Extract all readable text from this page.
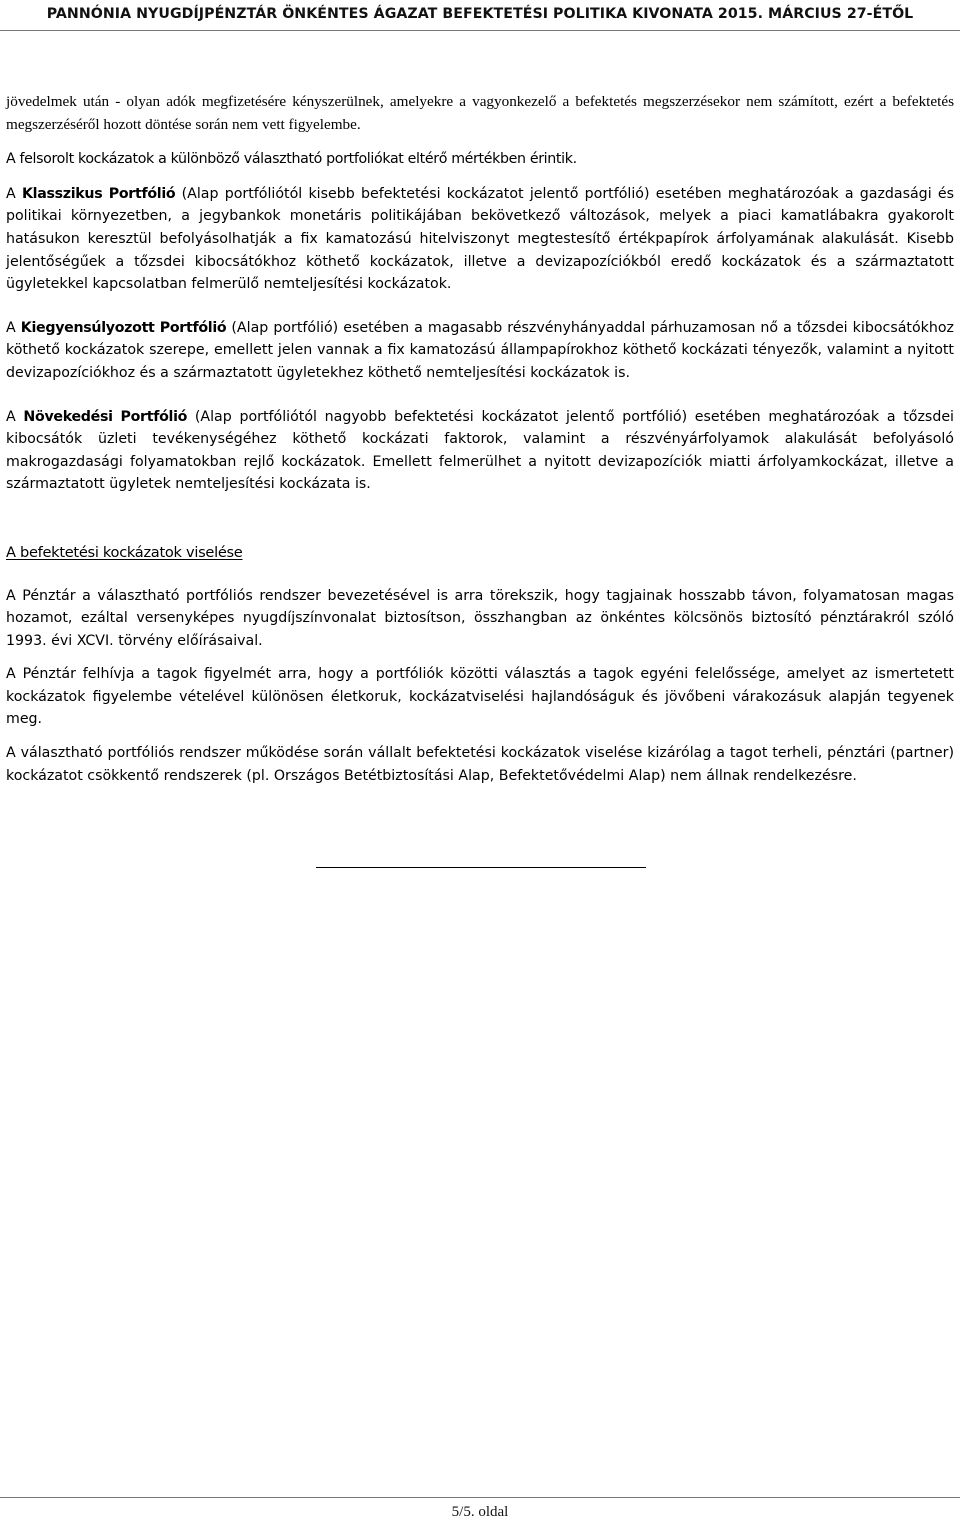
PANNÓNIA NYUGDÍJPÉNZTÁR ÖNKÉNTES ÁGAZAT BEFEKTETÉSI POLITIKA KIVONATA 2015. MÁRCIUS 27-ÉTŐL

jövedelmek után - olyan adók megfizetésére kényszerülnek, amelyekre a vagyonkezelő a befektetés megszerzésekor nem számított, ezért a befektetés megszerzéséről hozott döntése során nem vett figyelembe.

A felsorolt kockázatok a különböző választható portfoliókat eltérő mértékben érintik.

A Klasszikus Portfólió (Alap portfóliótól kisebb befektetési kockázatot jelentő portfólió) esetében meghatározóak a gazdasági és politikai környezetben, a jegybankok monetáris politikájában bekövetkező változások, melyek a piaci kamatlábakra gyakorolt hatásukon keresztül befolyásolhatják a fix kamatozású hitelviszonyt megtestesítő értékpapírok árfolyamának alakulását. Kisebb jelentőségűek a tőzsdei kibocsátókhoz köthető kockázatok, illetve a devizapozíciókból eredő kockázatok és a származtatott ügyletekkel kapcsolatban felmerülő nemteljesítési kockázatok.

A Kiegyensúlyozott Portfólió (Alap portfólió) esetében a magasabb részvényhányaddal párhuzamosan nő a tőzsdei kibocsátókhoz köthető kockázatok szerepe, emellett jelen vannak a fix kamatozású állampapírokhoz köthető kockázati tényezők, valamint a nyitott devizapozíciókhoz és a származtatott ügyletekhez köthető nemteljesítési kockázatok is.

A Növekedési Portfólió (Alap portfóliótól nagyobb befektetési kockázatot jelentő portfólió) esetében meghatározóak a tőzsdei kibocsátók üzleti tevékenységéhez köthető kockázati faktorok, valamint a részvényárfolyamok alakulását befolyásoló makrogazdasági folyamatokban rejlő kockázatok. Emellett felmerülhet a nyitott devizapozíciók miatti árfolyamkockázat, illetve a származtatott ügyletek nemteljesítési kockázata is.

A befektetési kockázatok viselése

A Pénztár a választható portfóliós rendszer bevezetésével is arra törekszik, hogy tagjainak hosszabb távon, folyamatosan magas hozamot, ezáltal versenyképes nyugdíjszínvonalat biztosítson, összhangban az önkéntes kölcsönös biztosító pénztárakról szóló 1993. évi XCVI. törvény előírásaival.

A Pénztár felhívja a tagok figyelmét arra, hogy a portfóliók közötti választás a tagok egyéni felelőssége, amelyet az ismertetett kockázatok figyelembe vételével különösen életkoruk, kockázatviselési hajlandóságuk és jövőbeni várakozásuk alapján tegyenek meg.

A választható portfóliós rendszer működése során vállalt befektetési kockázatok viselése kizárólag a tagot terheli, pénztári (partner) kockázatot csökkentő rendszerek (pl. Országos Betétbiztosítási Alap, Befektetővédelmi Alap) nem állnak rendelkezésre.

5/5. oldal
